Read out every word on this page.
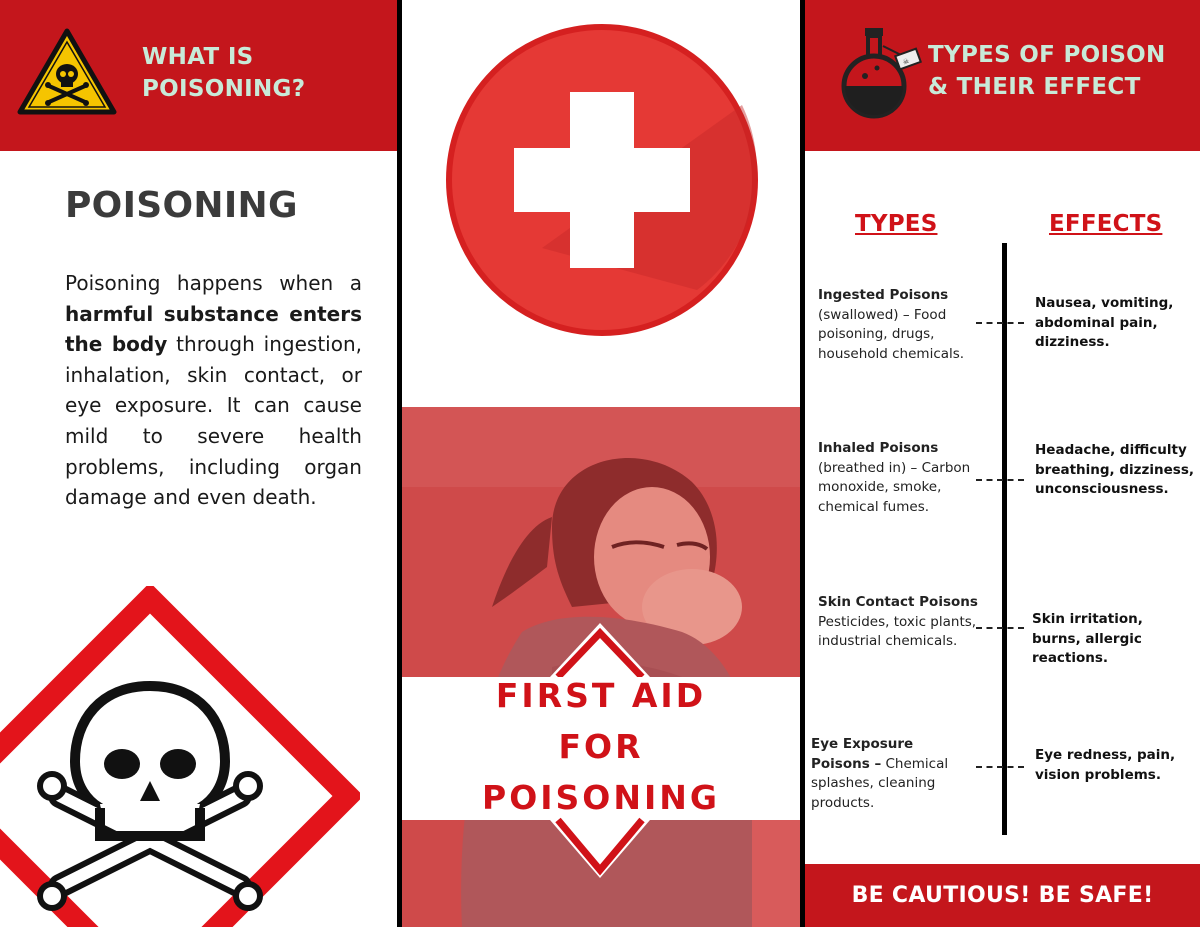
WHAT IS
POISONING?
POISONING
Poisoning happens when a harmful substance enters the body through ingestion, inhalation, skin contact, or eye exposure. It can cause mild to severe health problems, including organ damage and even death.
FIRST AID
FOR
POISONING
☠ TYPES OF POISON
& THEIR EFFECT
TYPES	EFFECTS
Ingested Poisons
(swallowed) – Food poisoning, drugs, household chemicals.
Nausea, vomiting, abdominal pain, dizziness.
Inhaled Poisons
(breathed in) – Carbon monoxide, smoke, chemical fumes.
Headache, difficulty breathing, dizziness, unconsciousness.
Skin Contact Poisons
Pesticides, toxic plants, industrial chemicals.
Skin irritation, burns, allergic reactions.
Eye Exposure Poisons – Chemical splashes, cleaning products.
Eye redness, pain, vision problems.
BE CAUTIOUS! BE SAFE!
